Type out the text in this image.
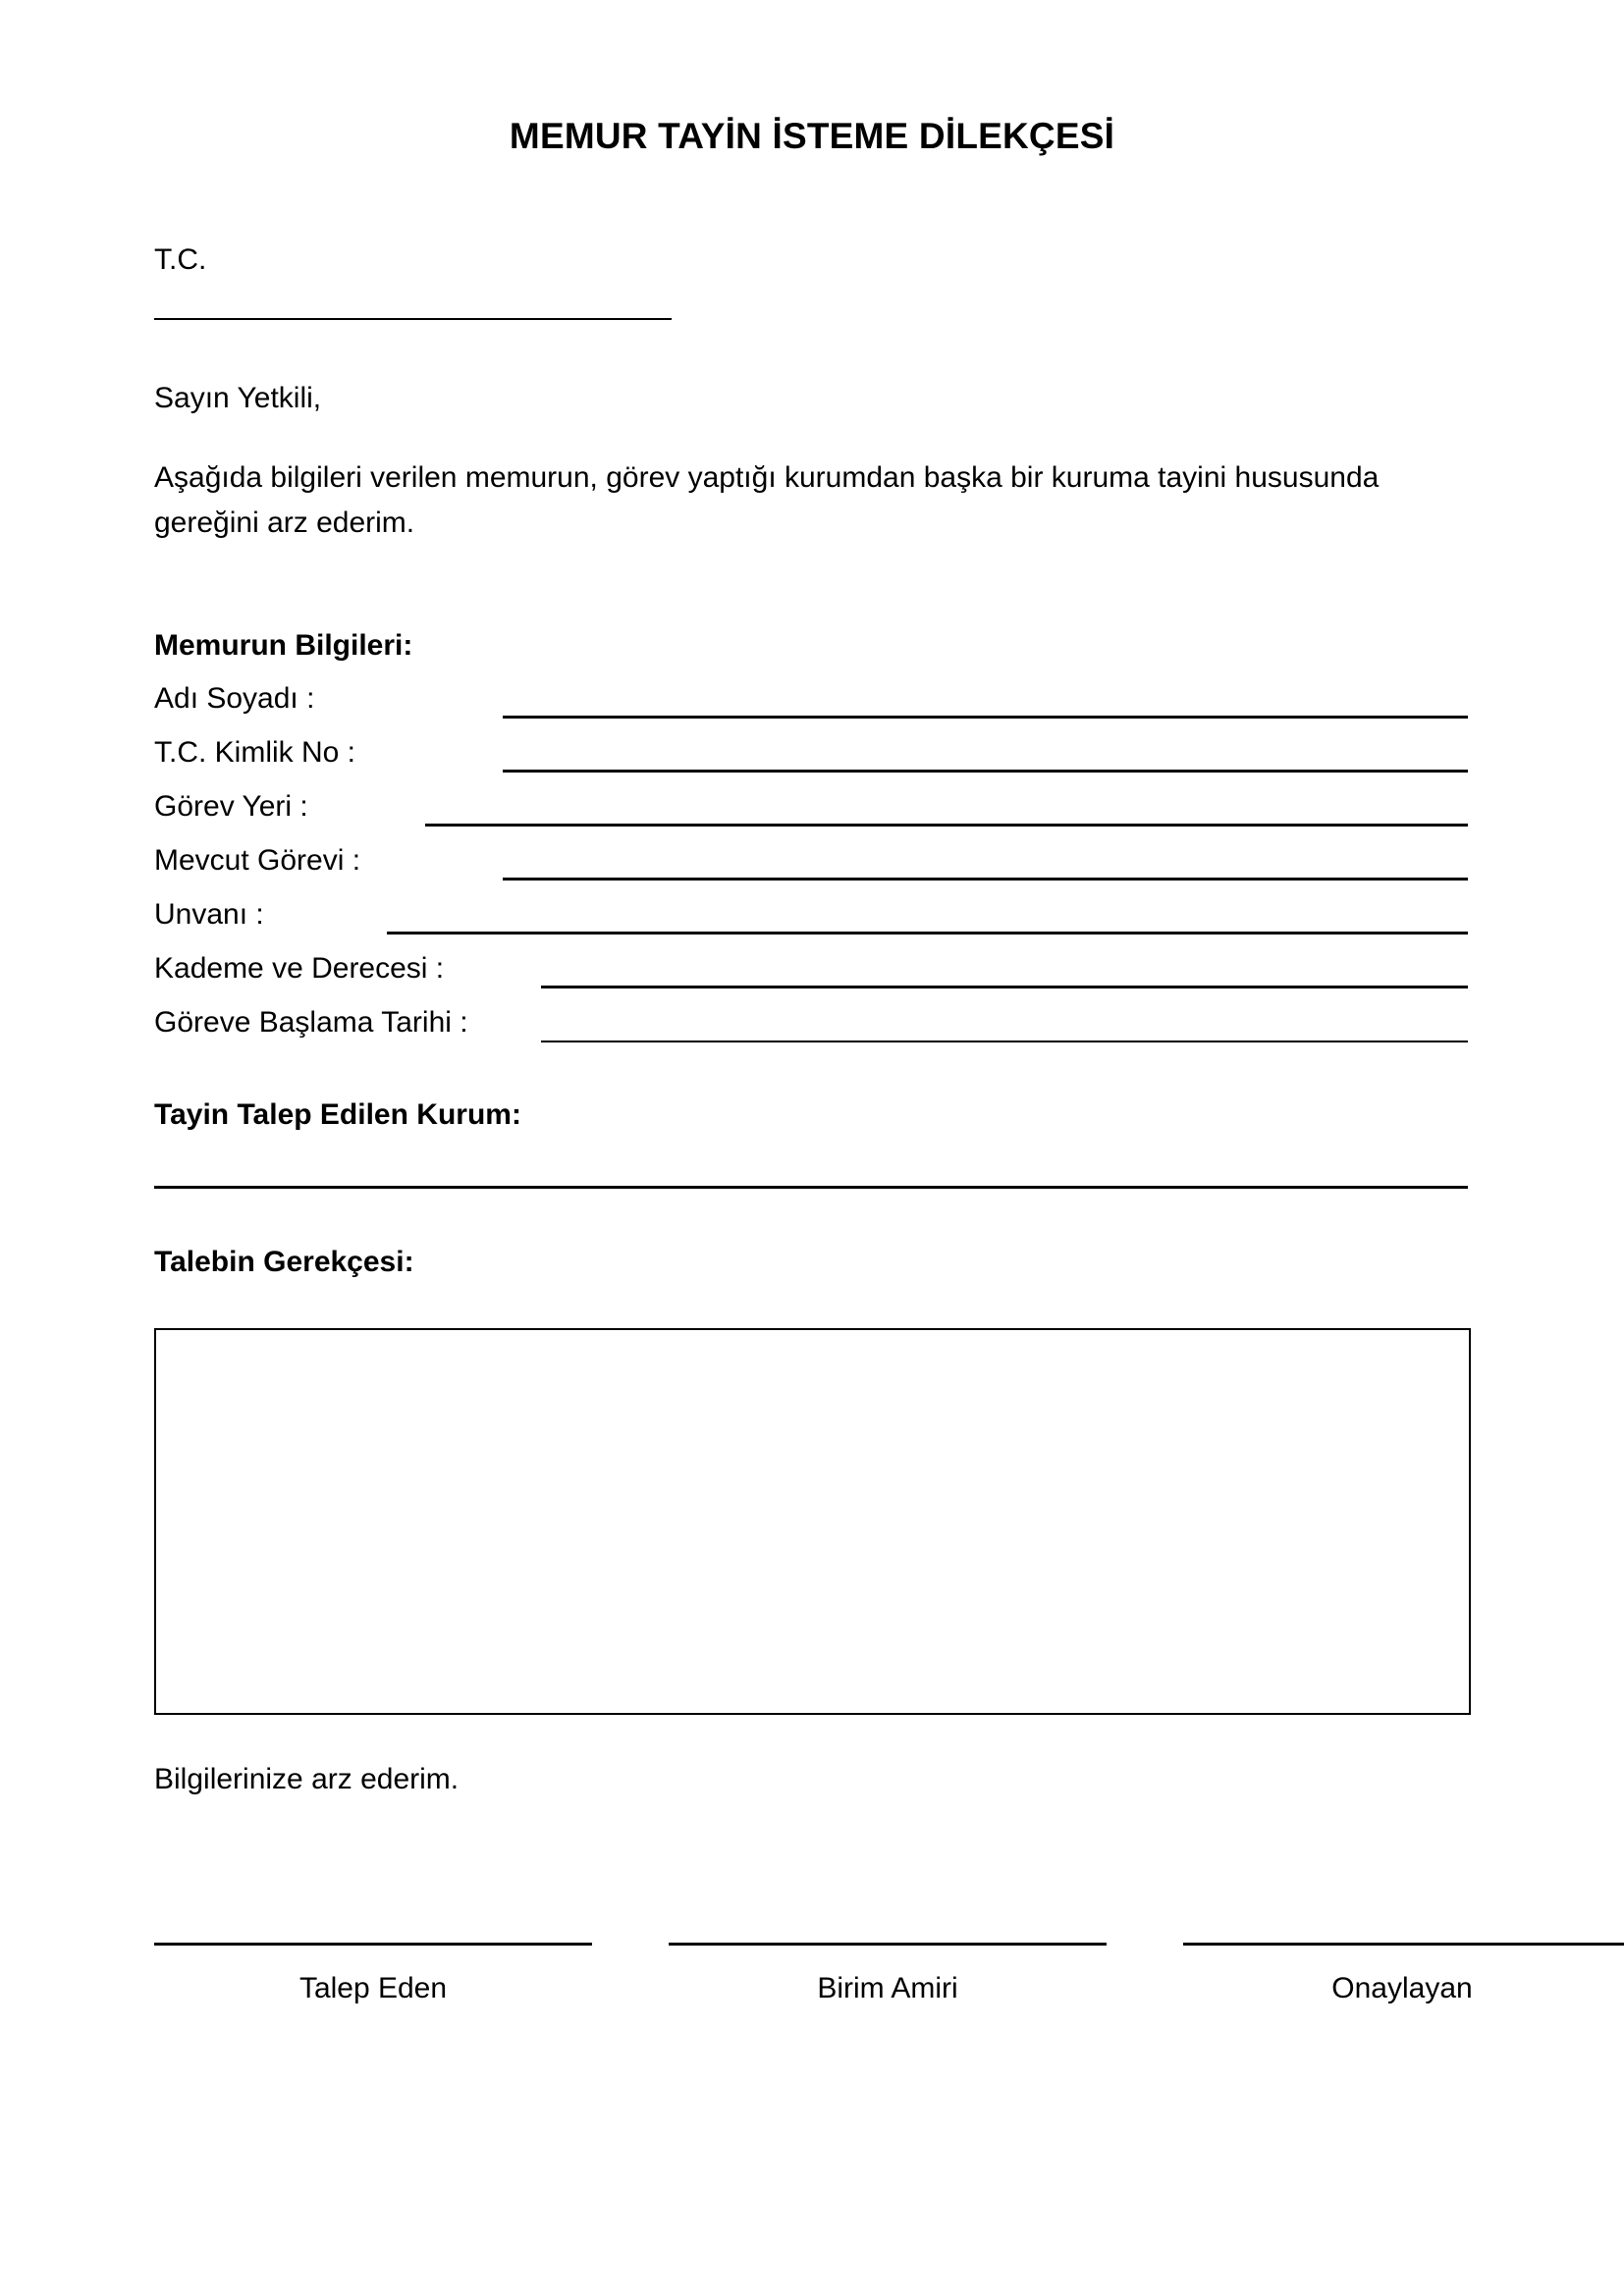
MEMUR TAYİN İSTEME DİLEKÇESİ
T.C.
Sayın Yetkili,
Aşağıda bilgileri verilen memurun, görev yaptığı kurumdan başka bir kuruma tayini hususunda gereğini arz ederim.
Memurun Bilgileri:
Adı Soyadı :
T.C. Kimlik No :
Görev Yeri :
Mevcut Görevi :
Unvanı :
Kademe ve Derecesi :
Göreve Başlama Tarihi :
Tayin Talep Edilen Kurum:
Talebin Gerekçesi:
Bilgilerinize arz ederim.
Talep Eden	Birim Amiri	Onaylayan
